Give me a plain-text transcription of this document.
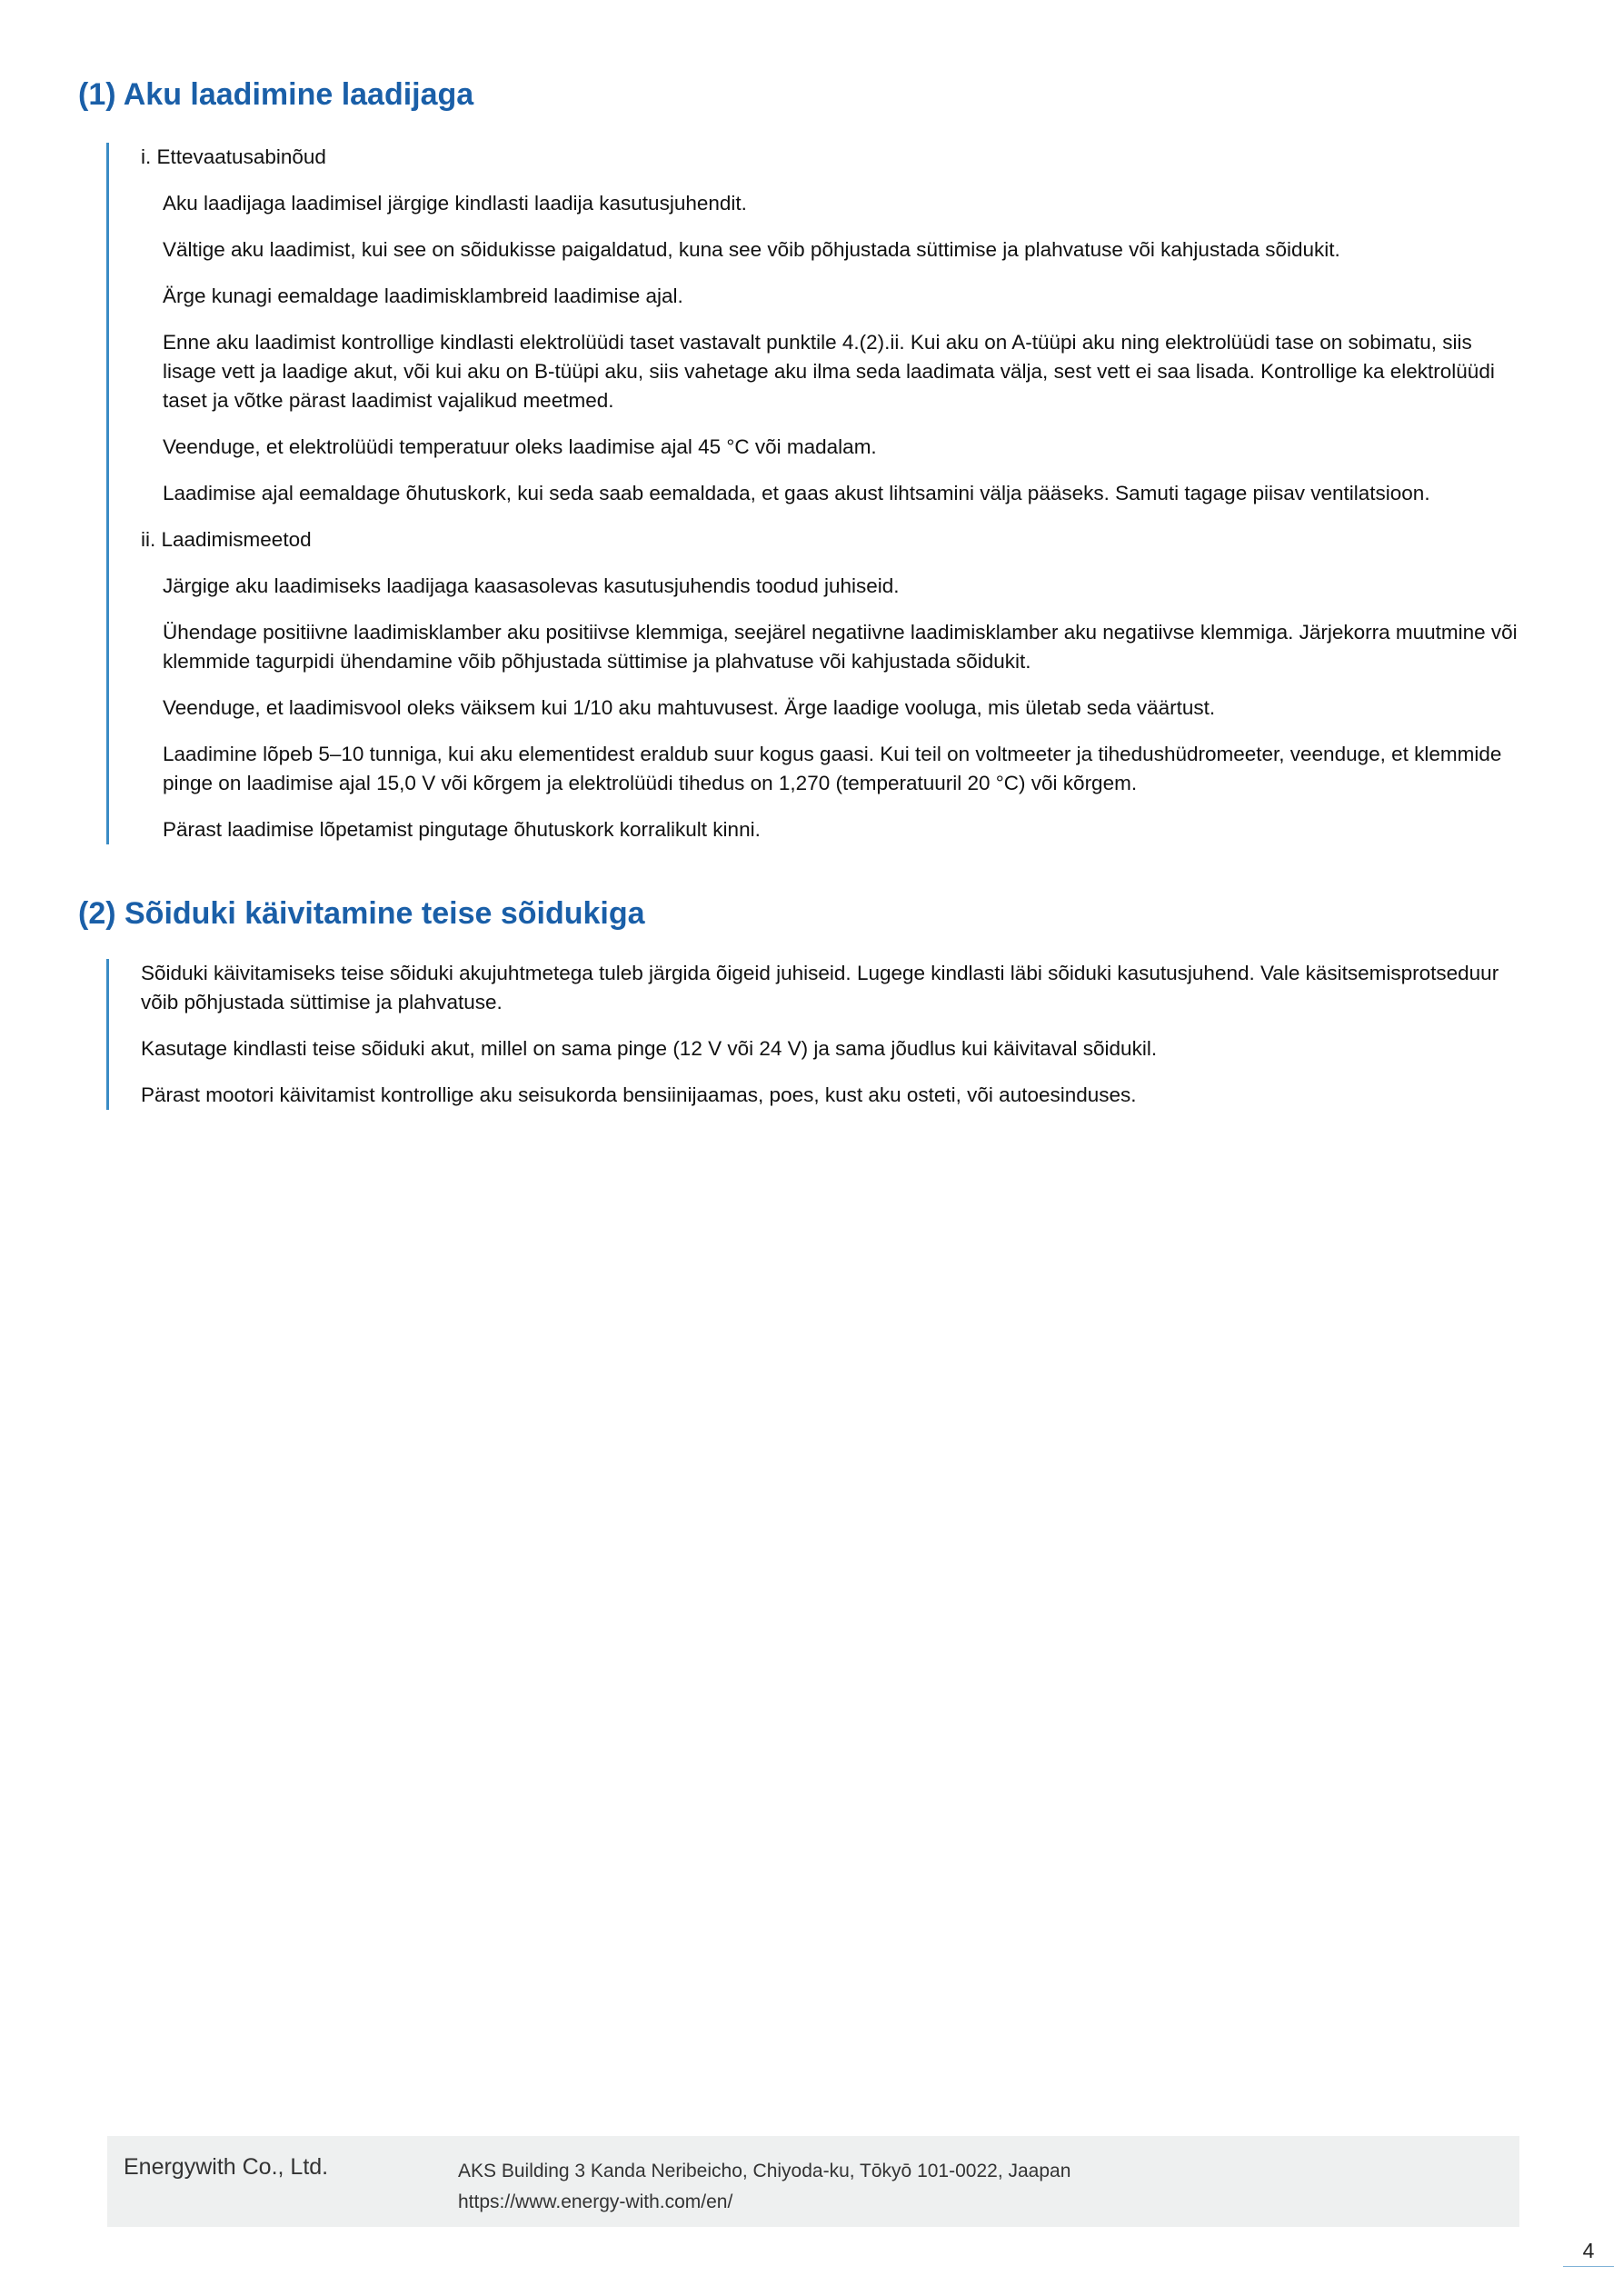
(1) Aku laadimine laadijaga

i. Ettevaatusabinõud

Aku laadijaga laadimisel järgige kindlasti laadija kasutusjuhendit.

Vältige aku laadimist, kui see on sõidukisse paigaldatud, kuna see võib põhjustada süttimise ja plahvatuse või kahjustada sõidukit.

Ärge kunagi eemaldage laadimisklambreid laadimise ajal.

Enne aku laadimist kontrollige kindlasti elektrolüüdi taset vastavalt punktile 4.(2).ii. Kui aku on A-tüüpi aku ning elektrolüüdi tase on sobimatu, siis lisage vett ja laadige akut, või kui aku on B-tüüpi aku, siis vahetage aku ilma seda laadimata välja, sest vett ei saa lisada. Kontrollige ka elektrolüüdi taset ja võtke pärast laadimist vajalikud meetmed.

Veenduge, et elektrolüüdi temperatuur oleks laadimise ajal 45 °C või madalam.

Laadimise ajal eemaldage õhutuskork, kui seda saab eemaldada, et gaas akust lihtsamini välja pääseks. Samuti tagage piisav ventilatsioon.

ii. Laadimismeetod

Järgige aku laadimiseks laadijaga kaasasolevas kasutusjuhendis toodud juhiseid.

Ühendage positiivne laadimisklamber aku positiivse klemmiga, seejärel negatiivne laadimisklamber aku negatiivse klemmiga. Järjekorra muutmine või klemmide tagurpidi ühendamine võib põhjustada süttimise ja plahvatuse või kahjustada sõidukit.

Veenduge, et laadimisvool oleks väiksem kui 1/10 aku mahtuvusest. Ärge laadige vooluga, mis ületab seda väärtust.

Laadimine lõpeb 5–10 tunniga, kui aku elementidest eraldub suur kogus gaasi. Kui teil on voltmeeter ja tihedushüdromeeter, veenduge, et klemmide pinge on laadimise ajal 15,0 V või kõrgem ja elektrolüüdi tihedus on 1,270 (temperatuuril 20 °C) või kõrgem.

Pärast laadimise lõpetamist pingutage õhutuskork korralikult kinni.

(2) Sõiduki käivitamine teise sõidukiga

Sõiduki käivitamiseks teise sõiduki akujuhtmetega tuleb järgida õigeid juhiseid. Lugege kindlasti läbi sõiduki kasutusjuhend. Vale käsitsemisprotseduur võib põhjustada süttimise ja plahvatuse.

Kasutage kindlasti teise sõiduki akut, millel on sama pinge (12 V või 24 V) ja sama jõudlus kui käivitaval sõidukil.

Pärast mootori käivitamist kontrollige aku seisukorda bensiinijaamas, poes, kust aku osteti, või autoesinduses.

Energywith Co., Ltd.	AKS Building 3 Kanda Neribeicho, Chiyoda-ku, Tōkyō 101-0022, Jaapan
https://www.energy-with.com/en/
4
